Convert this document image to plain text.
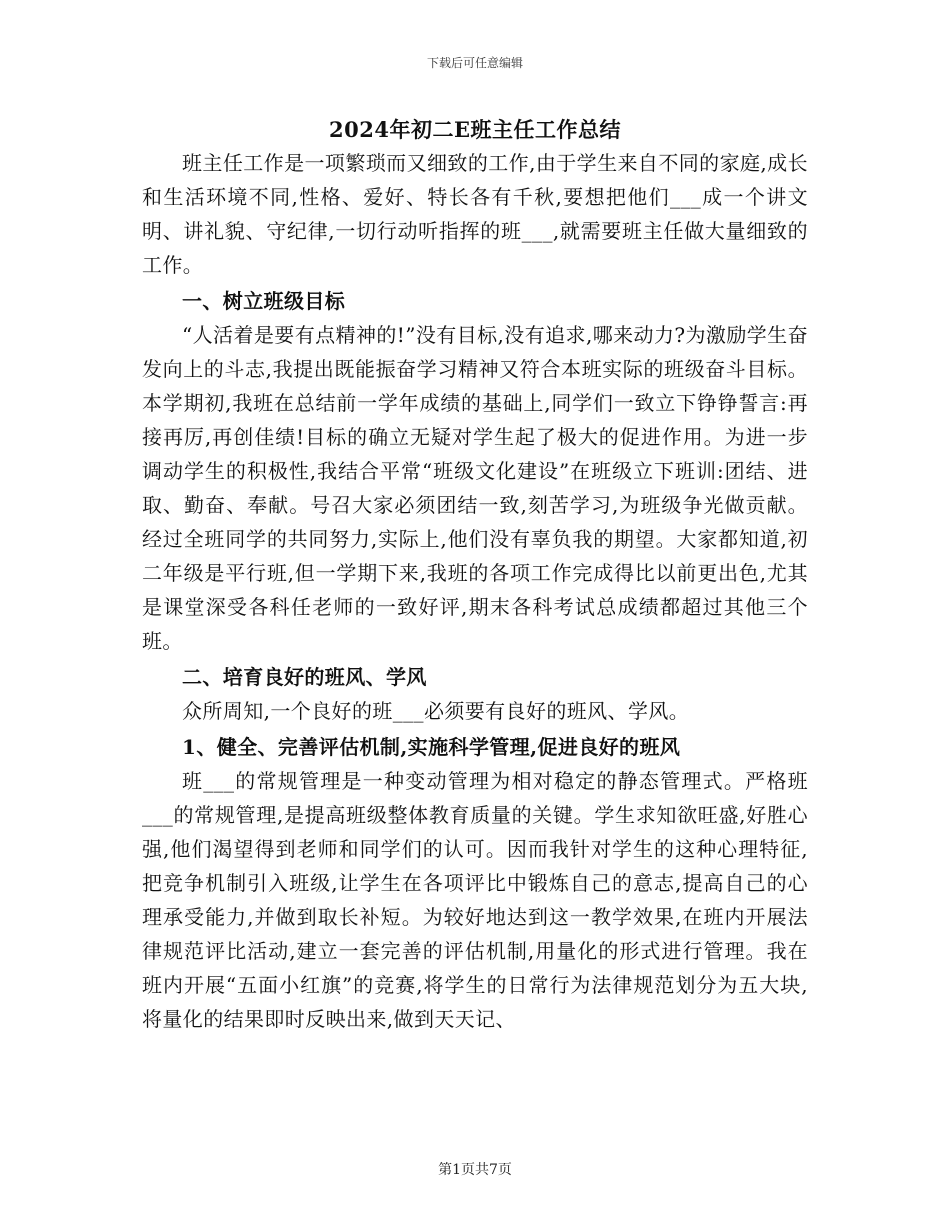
下载后可任意编辑
2024年初二E班主任工作总结

班主任工作是一项繁琐而又细致的工作,由于学生来自不同的家庭,成长和生活环境不同,性格、爱好、特长各有千秋,要想把他们___成一个讲文明、讲礼貌、守纪律,一切行动听指挥的班___,就需要班主任做大量细致的工作。

一、树立班级目标

“人活着是要有点精神的!”没有目标,没有追求,哪来动力?为激励学生奋发向上的斗志,我提出既能振奋学习精神又符合本班实际的班级奋斗目标。本学期初,我班在总结前一学年成绩的基础上,同学们一致立下铮铮誓言:再接再厉,再创佳绩!目标的确立无疑对学生起了极大的促进作用。为进一步调动学生的积极性,我结合平常“班级文化建设”在班级立下班训:团结、进取、勤奋、奉献。号召大家必须团结一致,刻苦学习,为班级争光做贡献。经过全班同学的共同努力,实际上,他们没有辜负我的期望。大家都知道,初二年级是平行班,但一学期下来,我班的各项工作完成得比以前更出色,尤其是课堂深受各科任老师的一致好评,期末各科考试总成绩都超过其他三个班。

二、培育良好的班风、学风

众所周知,一个良好的班___必须要有良好的班风、学风。

1、健全、完善评估机制,实施科学管理,促进良好的班风

班___的常规管理是一种变动管理为相对稳定的静态管理式。严格班___的常规管理,是提高班级整体教育质量的关键。学生求知欲旺盛,好胜心强,他们渴望得到老师和同学们的认可。因而我针对学生的这种心理特征,把竞争机制引入班级,让学生在各项评比中锻炼自己的意志,提高自己的心理承受能力,并做到取长补短。为较好地达到这一教学效果,在班内开展法律规范评比活动,建立一套完善的评估机制,用量化的形式进行管理。我在班内开展“五面小红旗”的竞赛,将学生的日常行为法律规范划分为五大块,将量化的结果即时反映出来,做到天天记、

第1页共7页
